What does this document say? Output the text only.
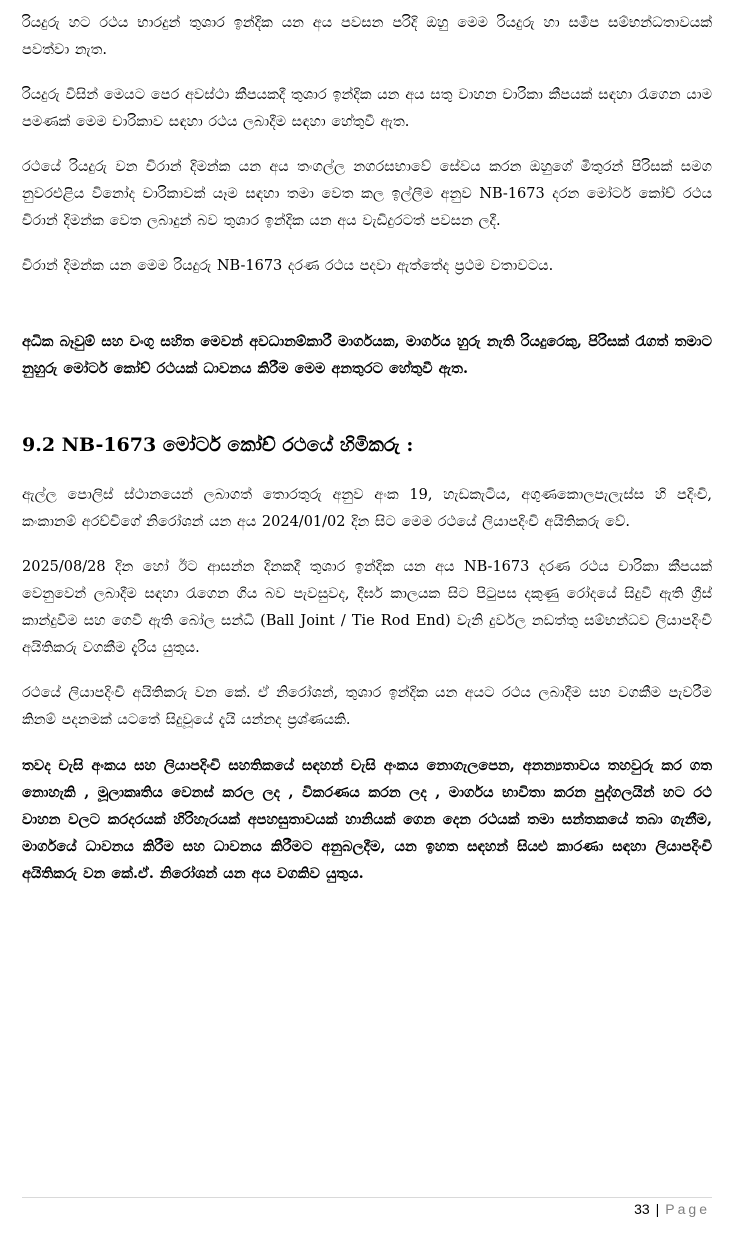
රියදුරු හට රථය භාරදුන් තුශාර ඉන්දික යන අය පවසන පරිදි ඔහු මෙම රියදුරු හා සමීප සම්භන්ධතාවයක් පවත්වා නැත.

රියදුරු විසින් මෙයට පෙර අවස්ථා කීපයකදී තුශාර ඉන්දික යන අය සතු වාහන චාරිකා කීපයක් සඳහා රැගෙන යාම පමණක් මෙම චාරිකාව සඳහා රථය ලබාදීම සඳහා හේතුවී ඇත.

රථයේ රියදුරු වන චිරාන් දිමන්ක යන අය තංගල්ල නගරසභාවේ සේවය කරන ඔහුගේ මිතුරන් පිරිසක් සමග නුවරඑළිය විනෝද චාරිකාවක් යෑම සඳහා තමා වෙත කල ඉල්ලීම අනුව NB-1673 දරන මෝටර් කෝච් රථය චිරාන් දිමන්ක වෙත ලබාදුන් බව තුශාර ඉන්දික යන අය වැඩිදුරටත් පවසන ලදී.

චිරාන් දිමන්ක යන මෙම රියදුරු NB-1673 දරණ රථය පදවා ඇත්තේද ප්‍රථම වතාවටය.

අධික බෑවුම් සහ වංගු සහිත මෙවන් අවධානම්කාරී මාර්ගයක, මාර්ගය හුරු නැති රියදුරෙකු, පිරිසක් රැගත් තමාට නුහුරු මෝටර් කෝච් රථයක් ධාවනය කිරීම මෙම අනතුරට හේතුවී ඇත.

9.2 NB-1673 මෝටර් කෝච් රථයේ හිමිකරු :

ඇල්ල පොලිස් ස්ථානයෙන් ලබාගත් තොරතුරු අනුව අංක 19, හැඩකැටිය, අගුණකොලපැලැස්ස හි පදිංචි, කංකානම් අරච්චිගේ නිරෝශන් යන අය 2024/01/02 දින සිට මෙම රථයේ ලියාපදිංචි අයිතිකරු වේ.

2025/08/28 දින හෝ ඊට ආසන්න දිනකදී තුශාර ඉන්දික යන අය NB-1673 දරණ රථය චාරිකා කීපයක් වෙනුවෙන් ලබාදීම සඳහා රැගෙන ගිය බව පැවසුවද, දීර්ඝ කාලයක සිට පිටුපස දකුණු රෝදයේ සිදුවී ඇති ග්‍රීස් කාන්දුවීම සහ ගෙවී ඇති බෝල සන්ධි (Ball Joint / Tie Rod End) වැනි දුර්වල නඩත්තු සම්භන්ධව ලියාපදිංචි අයිතිකරු වගකීම දැරිය යුතුය.

රථයේ ලියාපදිංචි අයිතිකරු වන කේ. ඒ නිරෝශන්, තුශාර ඉන්දික යන අයට රථය ලබාදීම සහ වගකීම පැවරීම කිනම් පදනමක් යටතේ සිදුවූයේ දැයි යන්නද ප්‍රශ්ණයකි.

තවද චැසි අංකය සහ ලියාපදිංචි සහතිකයේ සඳහන් චැසි අංකය නොගැලපෙන, අනන්‍යතාවය තහවුරු කර ගත නොහැකි , මූලාකෘතිය වෙනස් කරල ලද , විකරණය කරන ලද , මාර්ගය භාවිතා කරන පුද්ගලයින් හට රථ වාහන වලට කරදරයක් හිරිහැරයක් අපහසුතාවයක් හානියක් ගෙන දෙන රථයක් තමා සන්තකයේ තබා ගැනීම, මාර්ගයේ ධාවනය කිරීම සහ ධාවනය කිරීමට අනුබලදීම, යන ඉහත සඳහන් සියළු කාරණා සඳහා ලියාපදිංචි අයිතිකරු වන කේ.ඒ. නිරෝශන් යන අය වගකිව යුතුය.

33 | Page
